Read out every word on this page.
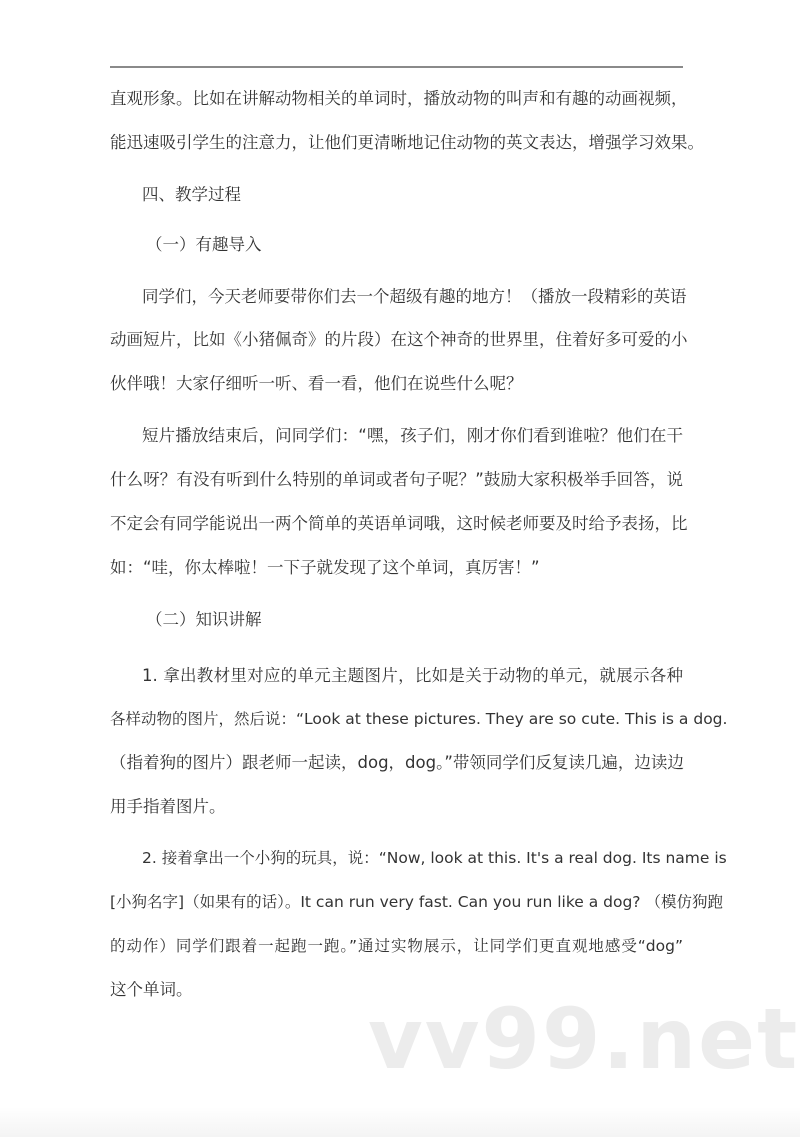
直观形象。比如在讲解动物相关的单词时，播放动物的叫声和有趣的动画视频，
能迅速吸引学生的注意力，让他们更清晰地记住动物的英文表达，增强学习效果。
四、教学过程
（一）有趣导入
同学们，今天老师要带你们去一个超级有趣的地方！（播放一段精彩的英语
动画短片，比如《小猪佩奇》的片段）在这个神奇的世界里，住着好多可爱的小
伙伴哦！大家仔细听一听、看一看，他们在说些什么呢？
短片播放结束后，问同学们：“嘿，孩子们，刚才你们看到谁啦？他们在干
什么呀？有没有听到什么特别的单词或者句子呢？”鼓励大家积极举手回答，说
不定会有同学能说出一两个简单的英语单词哦，这时候老师要及时给予表扬，比
如：“哇，你太棒啦！一下子就发现了这个单词，真厉害！”
（二）知识讲解
1. 拿出教材里对应的单元主题图片，比如是关于动物的单元，就展示各种
各样动物的图片，然后说：“Look at these pictures. They are so cute. This is a dog.
（指着狗的图片）跟老师一起读，dog，dog。”带领同学们反复读几遍，边读边
用手指着图片。
2. 接着拿出一个小狗的玩具，说：“Now, look at this. It's a real dog. Its name is
[小狗名字]（如果有的话）。It can run very fast. Can you run like a dog? （模仿狗跑
的动作）同学们跟着一起跑一跑。”通过实物展示，让同学们更直观地感受“dog”
这个单词。
vv99.net
